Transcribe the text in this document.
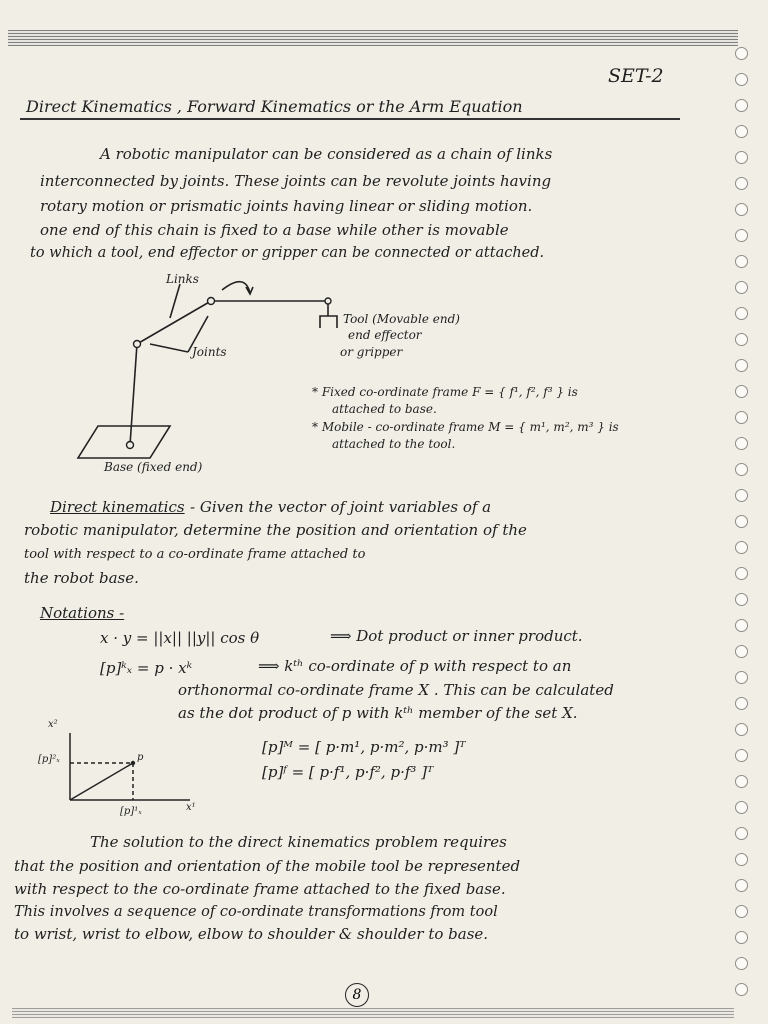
SET-2

Direct Kinematics , Forward Kinematics or the Arm Equation

A robotic manipulator can be considered as a chain of links

interconnected by joints. These joints can be revolute joints having

rotary motion or prismatic joints having linear or sliding motion.

one end of this chain is fixed to a base while other is movable

to which a tool, end effector or gripper can be connected or attached.

Links

Tool (Movable end)

end effector

or gripper

Joints

Base (fixed end)

* Fixed co-ordinate frame F = { f¹, f², f³ } is

attached to base.

* Mobile - co-ordinate frame M = { m¹, m², m³ } is

attached to the tool.

Direct kinematics - Given the vector of joint variables of a

robotic manipulator, determine the position and orientation of the

tool with respect to a co-ordinate frame attached to

the robot base.

Notations -

x · y = ||x|| ||y|| cos θ	⟹ Dot product or inner product.

[p]ᵏₓ = p · xᵏ	⟹ kᵗʰ co-ordinate of p with respect to an

orthonormal co-ordinate frame X . This can be calculated

as the dot product of p with kᵗʰ member of the set X.

[p]ᴹ = [ p·m¹, p·m², p·m³ ]ᵀ

[p]ᶠ = [ p·f¹, p·f², p·f³ ]ᵀ

x²

x¹

p

[p]²ₓ

[p]¹ₓ

The solution to the direct kinematics problem requires

that the position and orientation of the mobile tool be represented

with respect to the co-ordinate frame attached to the fixed base.

This involves a sequence of co-ordinate transformations from tool

to wrist, wrist to elbow, elbow to shoulder & shoulder to base.

8
